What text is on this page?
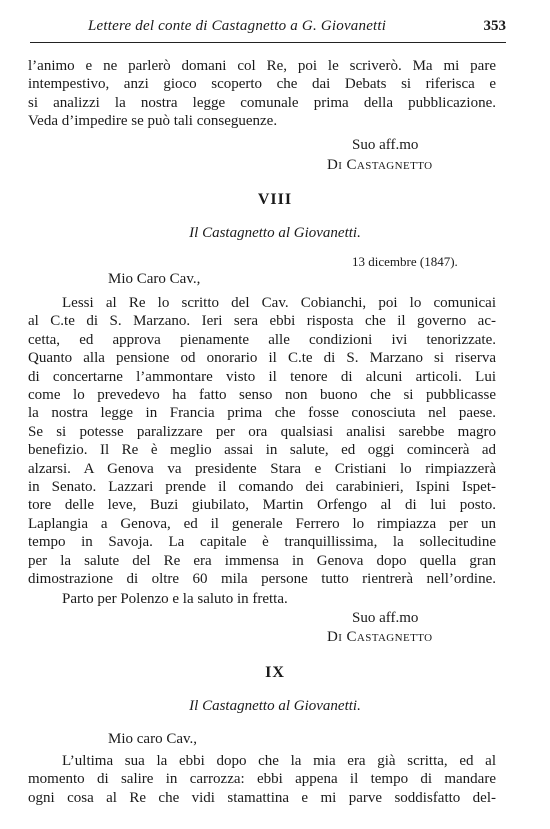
Lettere del conte di Castagnetto a G. Giovanetti	353
l’animo e ne parlerò domani col Re, poi le scriverò. Ma mi pare
intempestivo, anzi gioco scoperto che dai Debats si riferisca e
si analizzi la nostra legge comunale prima della pubblicazione.
Veda d’impedire se può tali conseguenze.
Suo aff.mo
Di Castagnetto
VIII
Il Castagnetto al Giovanetti.
13 dicembre (1847).
Mio Caro Cav.,
Lessi al Re lo scritto del Cav. Cobianchi, poi lo comunicai
al C.te di S. Marzano. Ieri sera ebbi risposta che il governo ac-
cetta, ed approva pienamente alle condizioni ivi tenorizzate.
Quanto alla pensione od onorario il C.te di S. Marzano si riserva
di concertarne l’ammontare visto il tenore di alcuni articoli. Lui
come lo prevedevo ha fatto senso non buono che si pubblicasse
la nostra legge in Francia prima che fosse conosciuta nel paese.
Se si potesse paralizzare per ora qualsiasi analisi sarebbe magro
benefizio. Il Re è meglio assai in salute, ed oggi comincerà ad
alzarsi. A Genova va presidente Stara e Cristiani lo rimpiazzerà
in Senato. Lazzari prende il comando dei carabinieri, Ispini Ispet-
tore delle leve, Buzi giubilato, Martin Orfengo al di lui posto.
Laplangia a Genova, ed il generale Ferrero lo rimpiazza per un
tempo in Savoja. La capitale è tranquillissima, la sollecitudine
per la salute del Re era immensa in Genova dopo quella gran
dimostrazione di oltre 60 mila persone tutto rientrerà nell’ordine.
Parto per Polenzo e la saluto in fretta.
Suo aff.mo
Di Castagnetto
IX
Il Castagnetto al Giovanetti.
Mio caro Cav.,
L’ultima sua la ebbi dopo che la mia era già scritta, ed al
momento di salire in carrozza: ebbi appena il tempo di mandare
ogni cosa al Re che vidi stamattina e mi parve soddisfatto del-
